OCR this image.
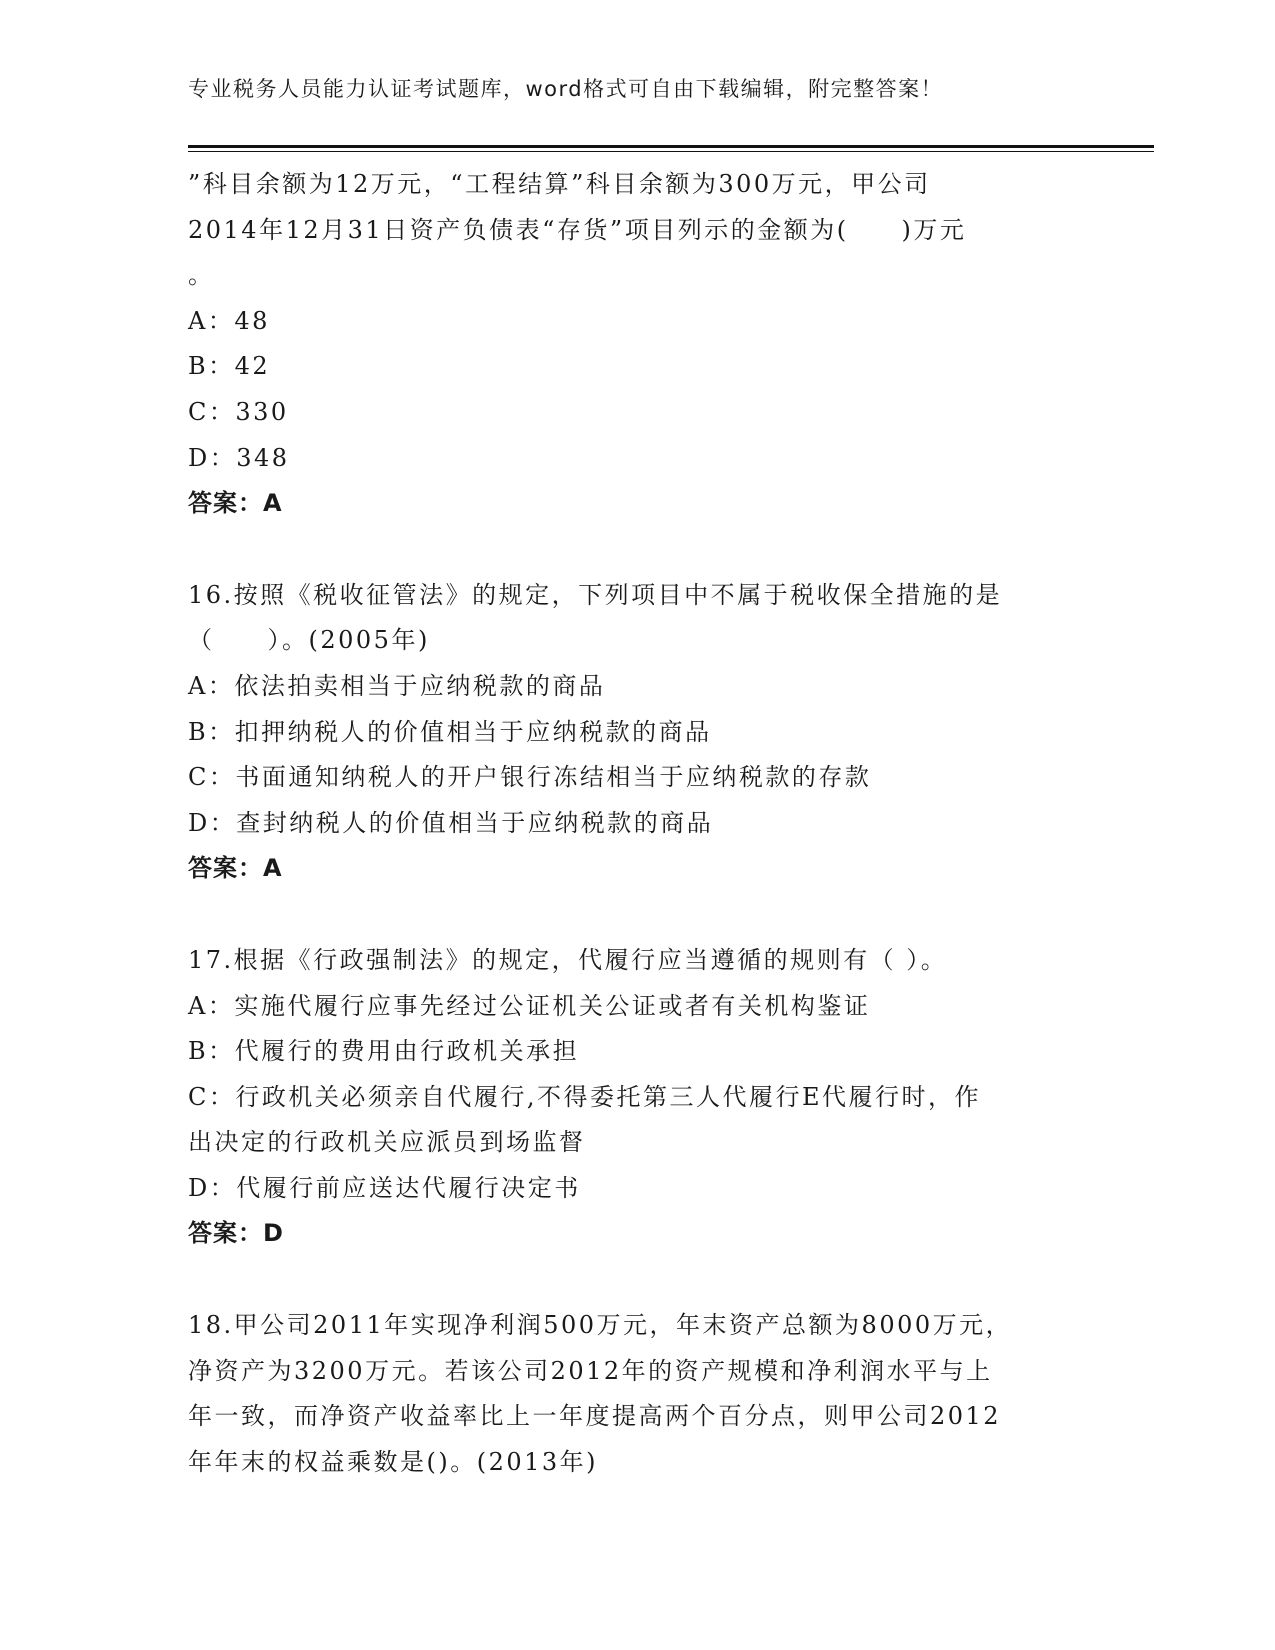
专业税务人员能力认证考试题库，word格式可自由下载编辑，附完整答案！
”科目余额为12万元，“工程结算”科目余额为300万元，甲公司
2014年12月31日资产负债表“存货”项目列示的金额为(　　)万元
。
A：48
B：42
C：330
D：348
答案：A
16.按照《税收征管法》的规定，下列项目中不属于税收保全措施的是
（　　）。(2005年)
A：依法拍卖相当于应纳税款的商品
B：扣押纳税人的价值相当于应纳税款的商品
C：书面通知纳税人的开户银行冻结相当于应纳税款的存款
D：查封纳税人的价值相当于应纳税款的商品
答案：A
17.根据《行政强制法》的规定，代履行应当遵循的规则有（ ）。
A：实施代履行应事先经过公证机关公证或者有关机构鉴证
B：代履行的费用由行政机关承担
C：行政机关必须亲自代履行,不得委托第三人代履行E代履行时，作
出决定的行政机关应派员到场监督
D：代履行前应送达代履行决定书
答案：D
18.甲公司2011年实现净利润500万元，年末资产总额为8000万元，
净资产为3200万元。若该公司2012年的资产规模和净利润水平与上
年一致，而净资产收益率比上一年度提高两个百分点，则甲公司2012
年年末的权益乘数是()。(2013年)
